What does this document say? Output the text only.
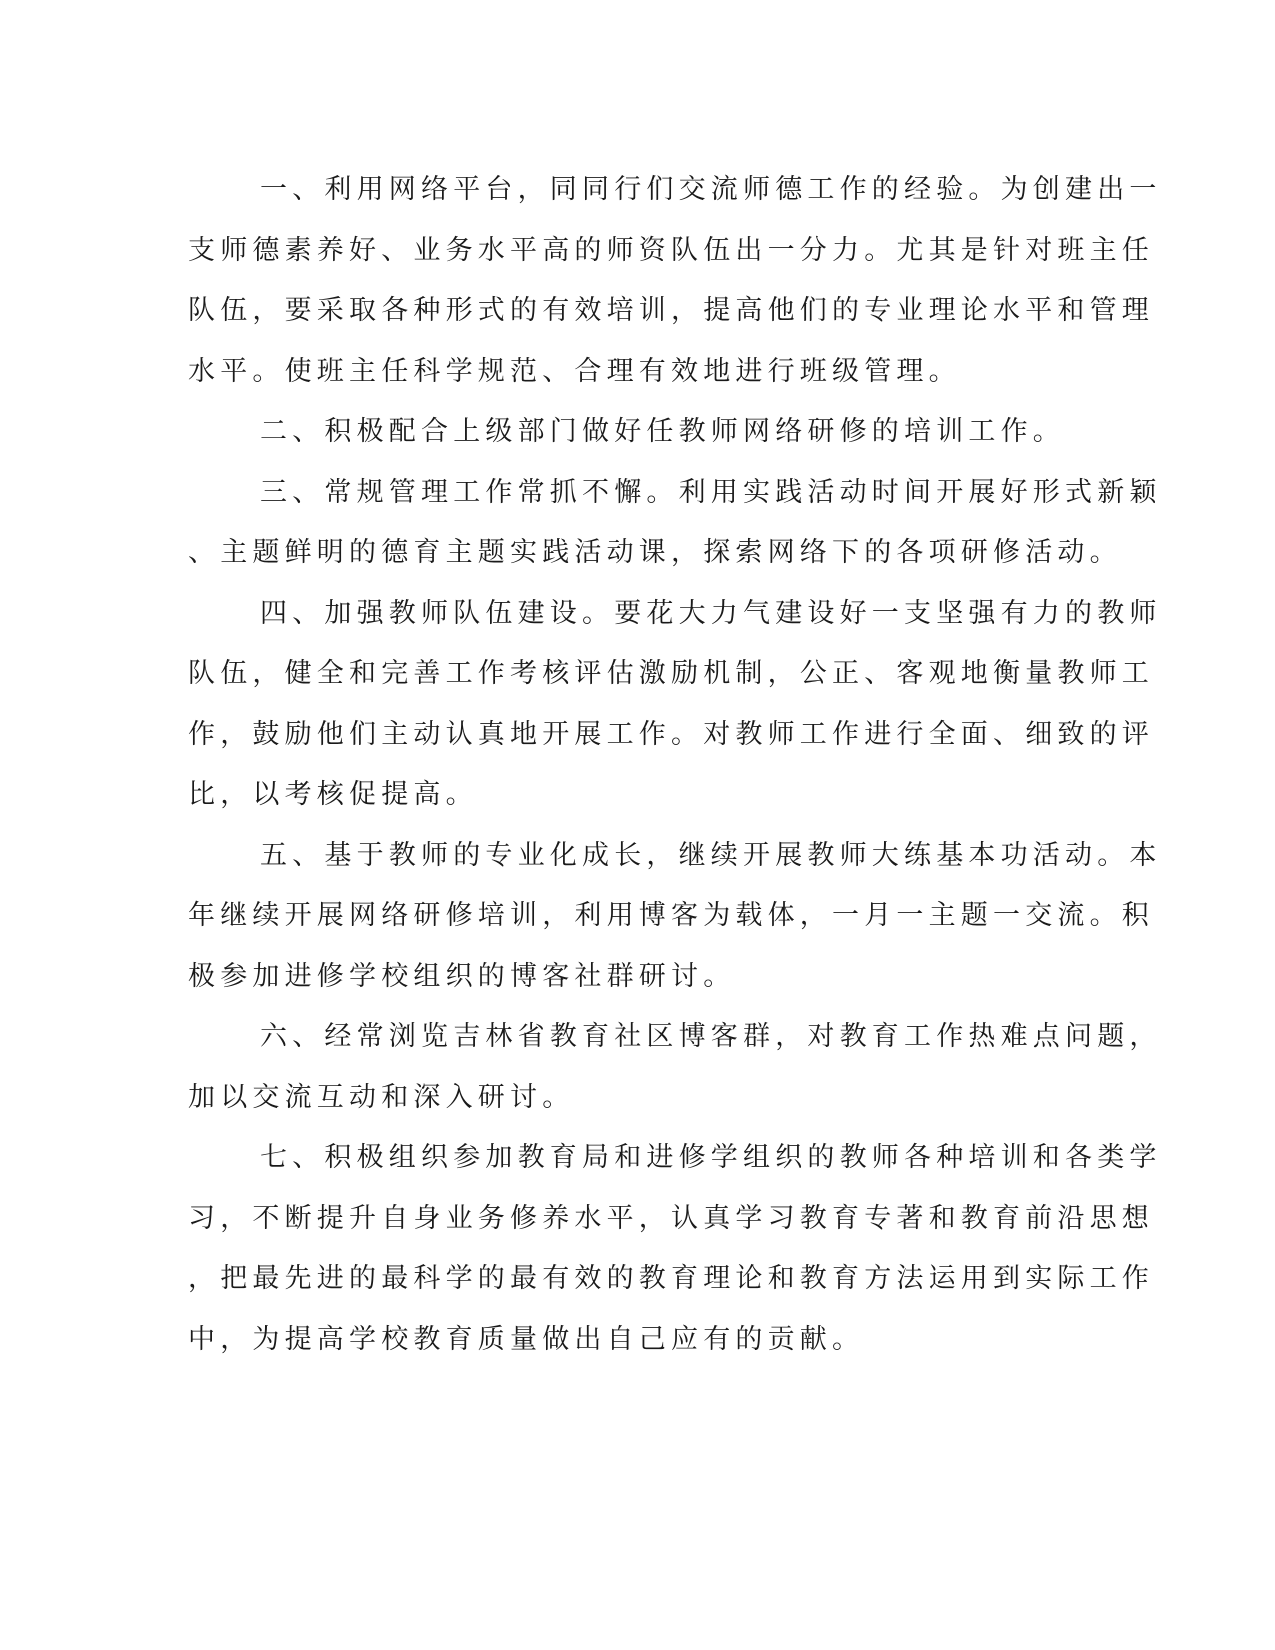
一、利用网络平台，同同行们交流师德工作的经验。为创建出一
支师德素养好、业务水平高的师资队伍出一分力。尤其是针对班主任
队伍，要采取各种形式的有效培训，提高他们的专业理论水平和管理
水平。使班主任科学规范、合理有效地进行班级管理。

二、积极配合上级部门做好任教师网络研修的培训工作。

三、常规管理工作常抓不懈。利用实践活动时间开展好形式新颖
、主题鲜明的德育主题实践活动课，探索网络下的各项研修活动。

四、加强教师队伍建设。要花大力气建设好一支坚强有力的教师
队伍，健全和完善工作考核评估激励机制，公正、客观地衡量教师工
作，鼓励他们主动认真地开展工作。对教师工作进行全面、细致的评
比，以考核促提高。

五、基于教师的专业化成长，继续开展教师大练基本功活动。本
年继续开展网络研修培训，利用博客为载体，一月一主题一交流。积
极参加进修学校组织的博客社群研讨。

六、经常浏览吉林省教育社区博客群，对教育工作热难点问题，
加以交流互动和深入研讨。

七、积极组织参加教育局和进修学组织的教师各种培训和各类学
习，不断提升自身业务修养水平，认真学习教育专著和教育前沿思想
，把最先进的最科学的最有效的教育理论和教育方法运用到实际工作
中，为提高学校教育质量做出自己应有的贡献。
